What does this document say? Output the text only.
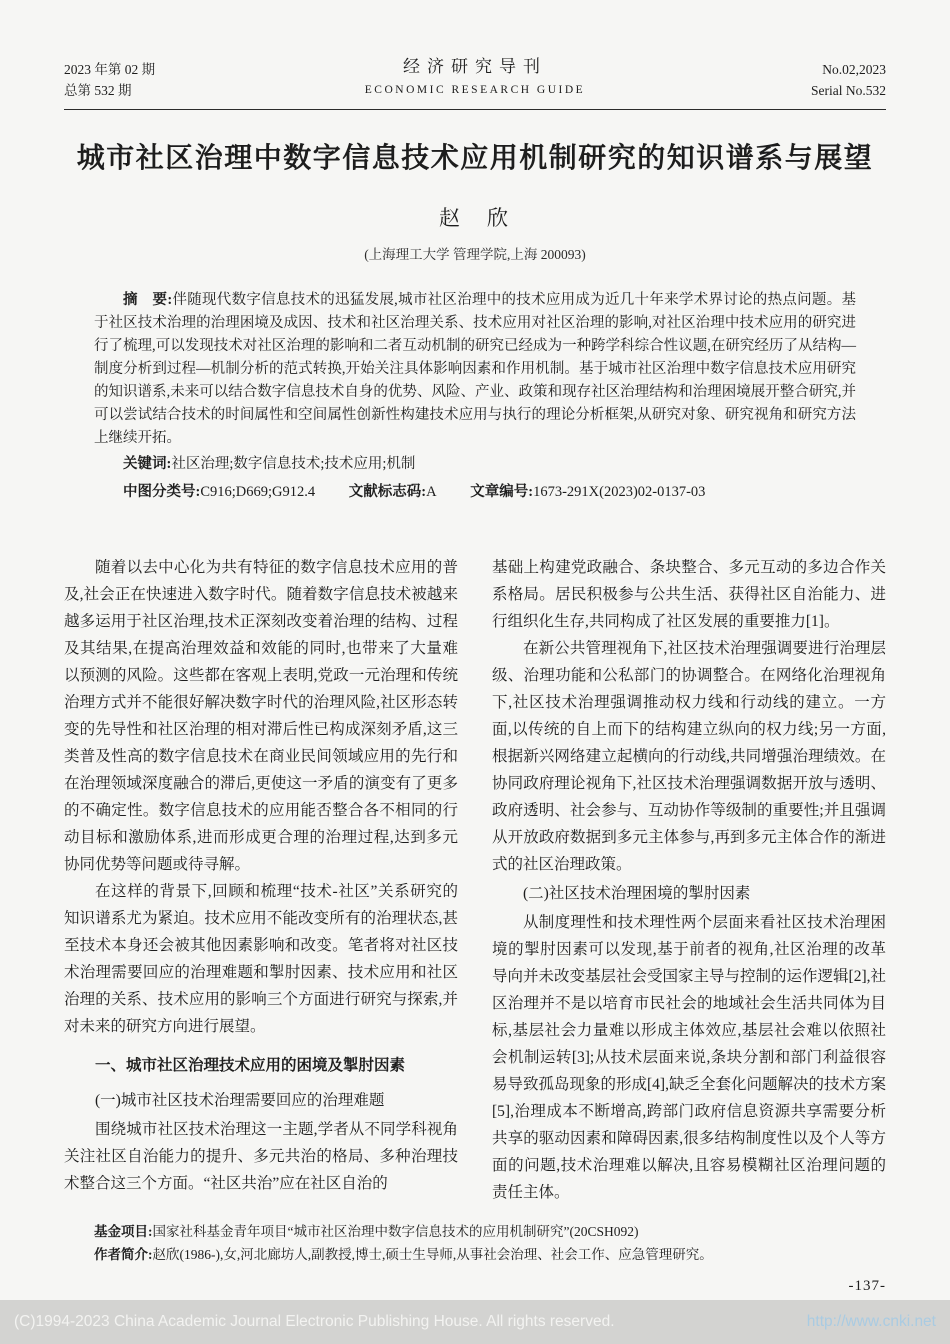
2023 年第 02 期
总第 532 期
经济研究导刊
ECONOMIC RESEARCH GUIDE
No.02,2023
Serial No.532
城市社区治理中数字信息技术应用机制研究的知识谱系与展望
赵　欣
(上海理工大学 管理学院,上海 200093)

摘　要:伴随现代数字信息技术的迅猛发展,城市社区治理中的技术应用成为近几十年来学术界讨论的热点问题。基于社区技术治理的治理困境及成因、技术和社区治理关系、技术应用对社区治理的影响,对社区治理中技术应用的研究进行了梳理,可以发现技术对社区治理的影响和二者互动机制的研究已经成为一种跨学科综合性议题,在研究经历了从结构—制度分析到过程—机制分析的范式转换,开始关注具体影响因素和作用机制。基于城市社区治理中数字信息技术应用研究的知识谱系,未来可以结合数字信息技术自身的优势、风险、产业、政策和现存社区治理结构和治理困境展开整合研究,并可以尝试结合技术的时间属性和空间属性创新性构建技术应用与执行的理论分析框架,从研究对象、研究视角和研究方法上继续开拓。

关键词:社区治理;数字信息技术;技术应用;机制

中图分类号:C916;D669;G912.4 文献标志码:A 文章编号:1673-291X(2023)02-0137-03

随着以去中心化为共有特征的数字信息技术应用的普及,社会正在快速进入数字时代。随着数字信息技术被越来越多运用于社区治理,技术正深刻改变着治理的结构、过程及其结果,在提高治理效益和效能的同时,也带来了大量难以预测的风险。这些都在客观上表明,党政一元治理和传统治理方式并不能很好解决数字时代的治理风险,社区形态转变的先导性和社区治理的相对滞后性已构成深刻矛盾,这三类普及性高的数字信息技术在商业民间领域应用的先行和在治理领域深度融合的滞后,更使这一矛盾的演变有了更多的不确定性。数字信息技术的应用能否整合各不相同的行动目标和激励体系,进而形成更合理的治理过程,达到多元协同优势等问题或待寻解。

在这样的背景下,回顾和梳理“技术-社区”关系研究的知识谱系尤为紧迫。技术应用不能改变所有的治理状态,甚至技术本身还会被其他因素影响和改变。笔者将对社区技术治理需要回应的治理难题和掣肘因素、技术应用和社区治理的关系、技术应用的影响三个方面进行研究与探索,并对未来的研究方向进行展望。

一、城市社区治理技术应用的困境及掣肘因素

(一)城市社区技术治理需要回应的治理难题

围绕城市社区技术治理这一主题,学者从不同学科视角关注社区自治能力的提升、多元共治的格局、多种治理技术整合这三个方面。“社区共治”应在社区自治的

基础上构建党政融合、条块整合、多元互动的多边合作关系格局。居民积极参与公共生活、获得社区自治能力、进行组织化生存,共同构成了社区发展的重要推力[1]。

在新公共管理视角下,社区技术治理强调要进行治理层级、治理功能和公私部门的协调整合。在网络化治理视角下,社区技术治理强调推动权力线和行动线的建立。一方面,以传统的自上而下的结构建立纵向的权力线;另一方面,根据新兴网络建立起横向的行动线,共同增强治理绩效。在协同政府理论视角下,社区技术治理强调数据开放与透明、政府透明、社会参与、互动协作等级制的重要性;并且强调从开放政府数据到多元主体参与,再到多元主体合作的渐进式的社区治理政策。

(二)社区技术治理困境的掣肘因素

从制度理性和技术理性两个层面来看社区技术治理困境的掣肘因素可以发现,基于前者的视角,社区治理的改革导向并未改变基层社会受国家主导与控制的运作逻辑[2],社区治理并不是以培育市民社会的地域社会生活共同体为目标,基层社会力量难以形成主体效应,基层社会难以依照社会机制运转[3];从技术层面来说,条块分割和部门利益很容易导致孤岛现象的形成[4],缺乏全套化问题解决的技术方案[5],治理成本不断增高,跨部门政府信息资源共享需要分析共享的驱动因素和障碍因素,很多结构制度性以及个人等方面的问题,技术治理难以解决,且容易模糊社区治理问题的责任主体。

基金项目:国家社科基金青年项目“城市社区治理中数字信息技术的应用机制研究”(20CSH092)
作者简介:赵欣(1986-),女,河北廊坊人,副教授,博士,硕士生导师,从事社会治理、社会工作、应急管理研究。
-137-
(C)1994-2023 China Academic Journal Electronic Publishing House. All rights reserved.	http://www.cnki.net
